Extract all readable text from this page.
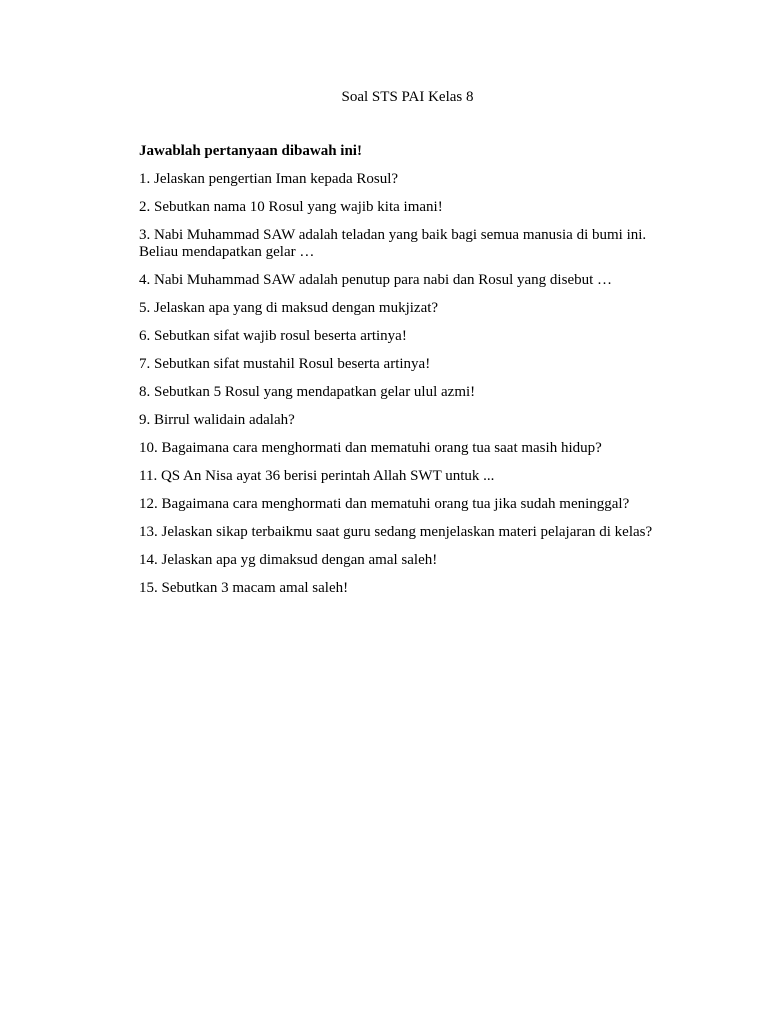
Soal STS PAI Kelas 8

Jawablah pertanyaan dibawah ini!

1. Jelaskan pengertian Iman kepada Rosul?
2. Sebutkan nama 10 Rosul yang wajib kita imani!
3. Nabi Muhammad SAW adalah teladan yang baik bagi semua manusia di bumi ini. Beliau mendapatkan gelar …
4. Nabi Muhammad SAW adalah penutup para nabi dan Rosul yang disebut …
5. Jelaskan apa yang di maksud dengan mukjizat?
6. Sebutkan sifat wajib rosul beserta artinya!
7. Sebutkan sifat mustahil Rosul beserta artinya!
8. Sebutkan 5 Rosul yang mendapatkan gelar ulul azmi!
9. Birrul walidain adalah?
10. Bagaimana cara menghormati dan mematuhi orang tua saat masih hidup?
11. QS An Nisa ayat 36 berisi perintah Allah SWT untuk ...
12. Bagaimana cara menghormati dan mematuhi orang tua jika sudah meninggal?
13. Jelaskan sikap terbaikmu saat guru sedang menjelaskan materi pelajaran di kelas?
14. Jelaskan apa yg dimaksud dengan amal saleh!
15. Sebutkan 3 macam amal saleh!
